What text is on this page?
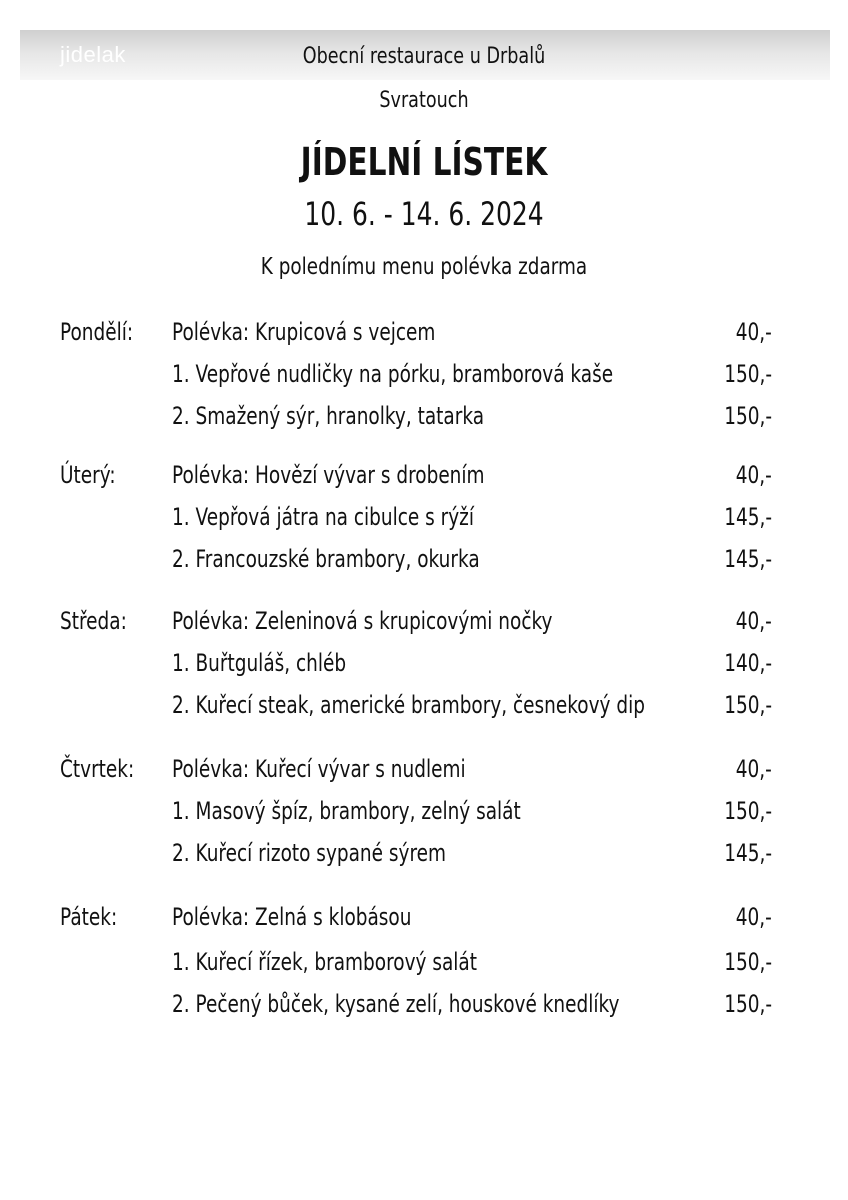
jidelak	Obecní restaurace u Drbalů
Svratouch
JÍDELNÍ LÍSTEK
10. 6. - 14. 6. 2024
K polednímu menu polévka zdarma
Pondělí: Polévka: Krupicová s vejcem	40,-
1. Vepřové nudličky na pórku, bramborová kaše	150,-
2. Smažený sýr, hranolky, tatarka	150,-
Úterý: Polévka: Hovězí vývar s drobením	40,-
1. Vepřová játra na cibulce s rýží	145,-
2. Francouzské brambory, okurka	145,-
Středa: Polévka: Zeleninová s krupicovými nočky	40,-
1. Buřtguláš, chléb	140,-
2. Kuřecí steak, americké brambory, česnekový dip	150,-
Čtvrtek: Polévka: Kuřecí vývar s nudlemi	40,-
1. Masový špíz, brambory, zelný salát	150,-
2. Kuřecí rizoto sypané sýrem	145,-
Pátek: Polévka: Zelná s klobásou	40,-
1. Kuřecí řízek, bramborový salát	150,-
2. Pečený bůček, kysané zelí, houskové knedlíky	150,-
